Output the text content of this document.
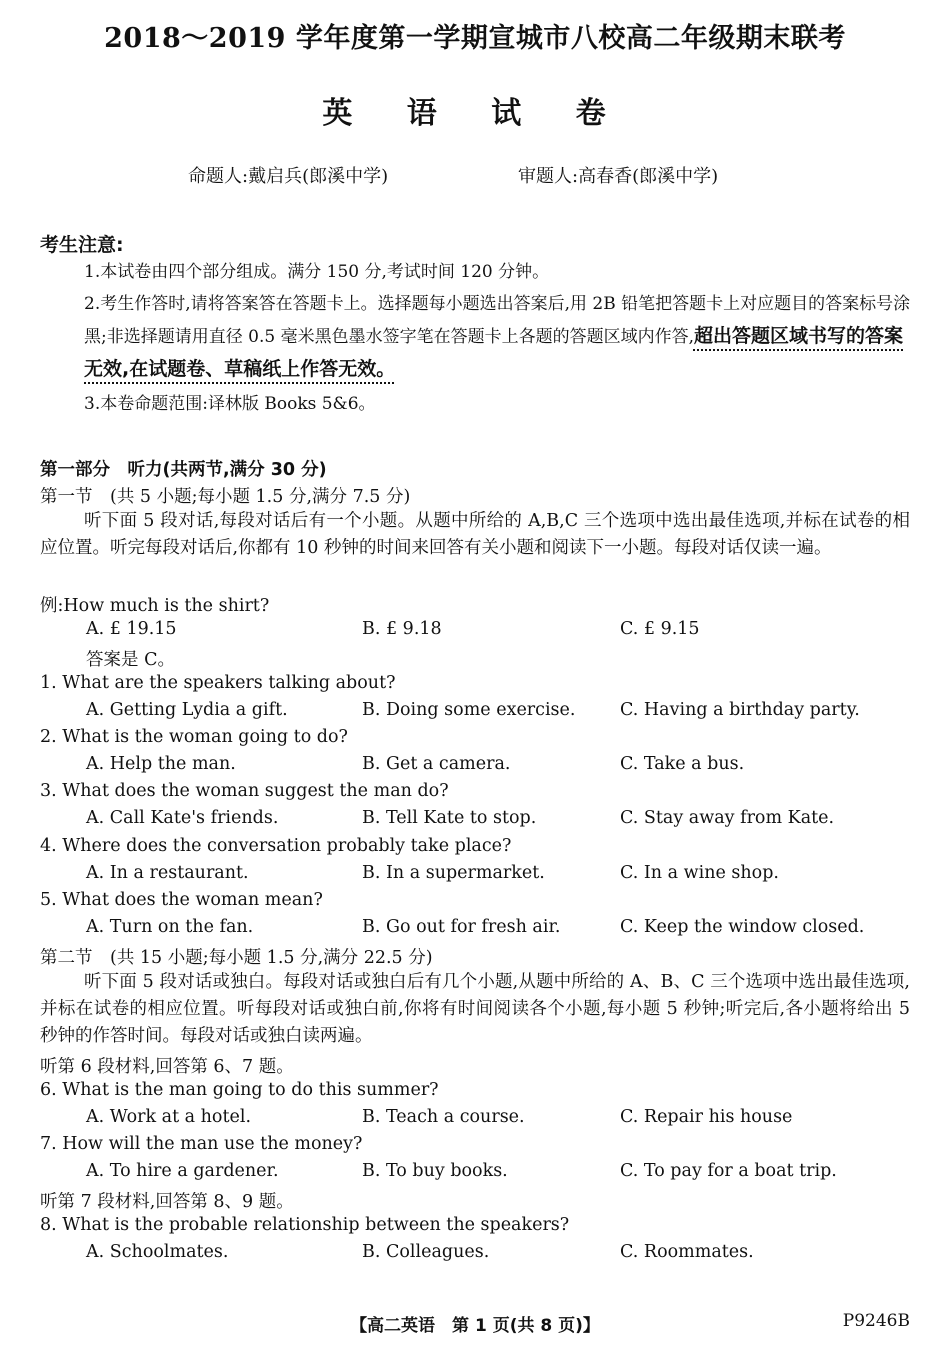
2018～2019 学年度第一学期宣城市八校高二年级期末联考
英 语 试 卷
命题人:戴启兵(郎溪中学)	审题人:高春香(郎溪中学)
考生注意:
1.本试卷由四个部分组成。满分 150 分,考试时间 120 分钟。
2.考生作答时,请将答案答在答题卡上。选择题每小题选出答案后,用 2B 铅笔把答题卡上对应题目的答案标号涂黑;非选择题请用直径 0.5 毫米黑色墨水签字笔在答题卡上各题的答题区域内作答,超出答题区域书写的答案无效,在试题卷、草稿纸上作答无效。
3.本卷命题范围:译林版 Books 5&6。
第一部分　听力(共两节,满分 30 分)
第一节　(共 5 小题;每小题 1.5 分,满分 7.5 分)
听下面 5 段对话,每段对话后有一个小题。从题中所给的 A,B,C 三个选项中选出最佳选项,并标在试卷的相应位置。听完每段对话后,你都有 10 秒钟的时间来回答有关小题和阅读下一小题。每段对话仅读一遍。
例:How much is the shirt?
A. £ 19.15	B. £ 9.18	C. £ 9.15
答案是 C。
1. What are the speakers talking about?
A. Getting Lydia a gift.	B. Doing some exercise.	C. Having a birthday party.
2. What is the woman going to do?
A. Help the man.	B. Get a camera.	C. Take a bus.
3. What does the woman suggest the man do?
A. Call Kate's friends.	B. Tell Kate to stop.	C. Stay away from Kate.
4. Where does the conversation probably take place?
A. In a restaurant.	B. In a supermarket.	C. In a wine shop.
5. What does the woman mean?
A. Turn on the fan.	B. Go out for fresh air.	C. Keep the window closed.
第二节　(共 15 小题;每小题 1.5 分,满分 22.5 分)
听下面 5 段对话或独白。每段对话或独白后有几个小题,从题中所给的 A、B、C 三个选项中选出最佳选项,并标在试卷的相应位置。听每段对话或独白前,你将有时间阅读各个小题,每小题 5 秒钟;听完后,各小题将给出 5 秒钟的作答时间。每段对话或独白读两遍。
听第 6 段材料,回答第 6、7 题。
6. What is the man going to do this summer?
A. Work at a hotel.	B. Teach a course.	C. Repair his house
7. How will the man use the money?
A. To hire a gardener.	B. To buy books.	C. To pay for a boat trip.
听第 7 段材料,回答第 8、9 题。
8. What is the probable relationship between the speakers?
A. Schoolmates.	B. Colleagues.	C. Roommates.
【高二英语　第 1 页(共 8 页)】	P9246B
